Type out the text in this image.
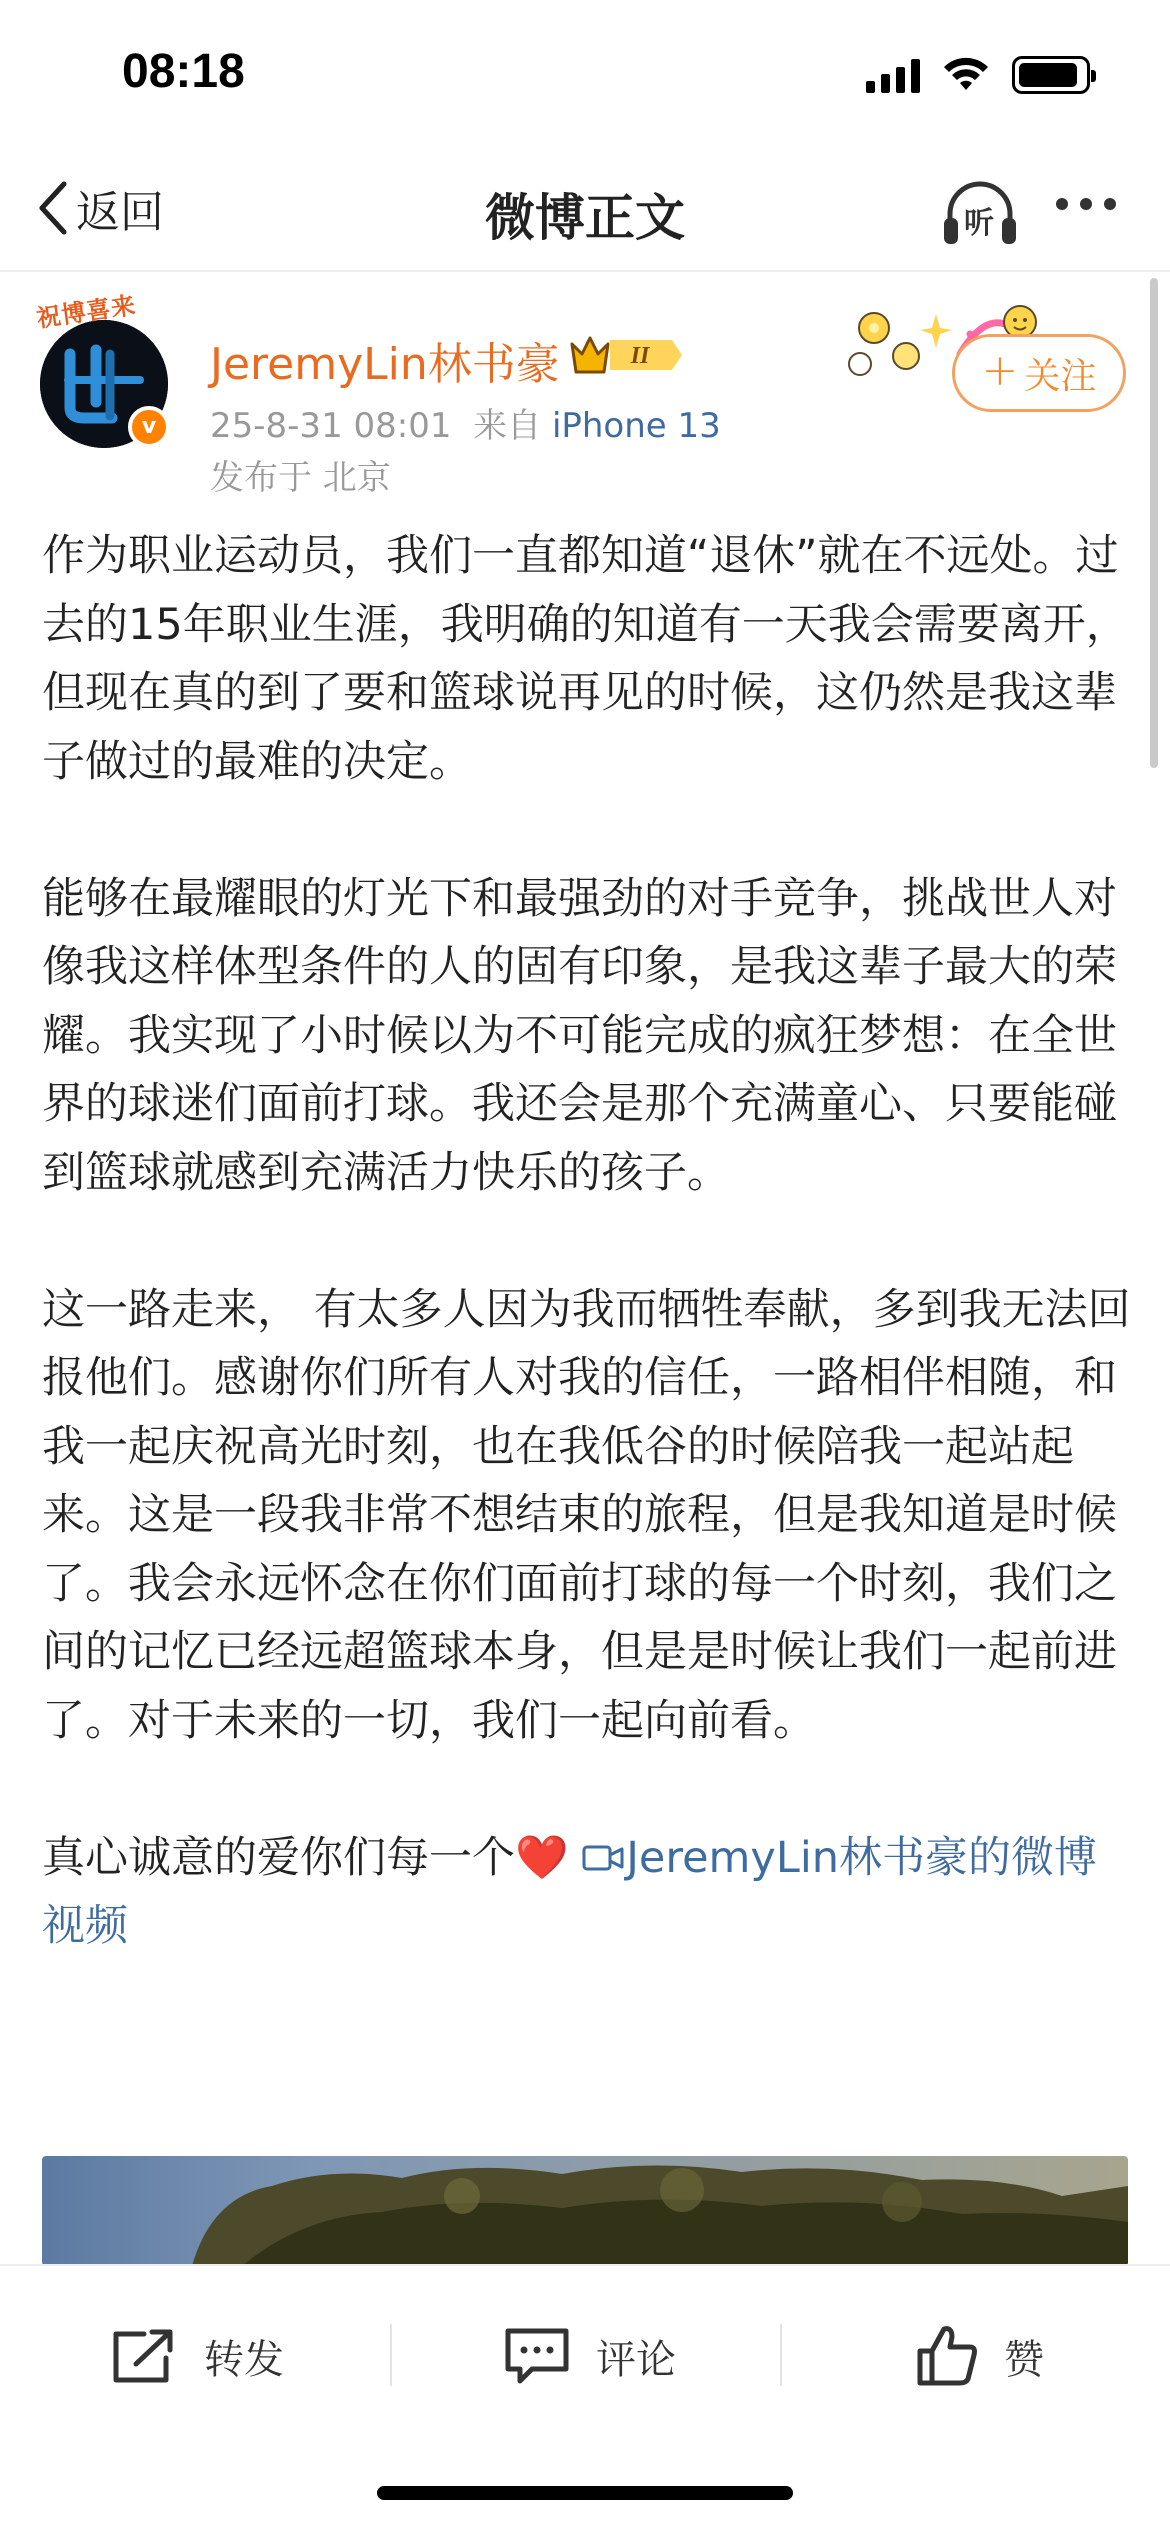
08:18
返回	微博正文	听
祝博喜来
v
JeremyLin林书豪	II
25-8-31 08:01 来自 iPhone 13
发布于 北京
+ 关注

作为职业运动员，我们一直都知道“退休”就在不远处。过去的15年职业生涯，我明确的知道有一天我会需要离开，但现在真的到了要和篮球说再见的时候，这仍然是我这辈子做过的最难的决定。

能够在最耀眼的灯光下和最强劲的对手竞争，挑战世人对像我这样体型条件的人的固有印象，是我这辈子最大的荣耀。我实现了小时候以为不可能完成的疯狂梦想：在全世界的球迷们面前打球。我还会是那个充满童心、只要能碰到篮球就感到充满活力快乐的孩子。

这一路走来， 有太多人因为我而牺牲奉献，多到我无法回报他们。感谢你们所有人对我的信任，一路相伴相随，和我一起庆祝高光时刻，也在我低谷的时候陪我一起站起来。这是一段我非常不想结束的旅程，但是我知道是时候了。我会永远怀念在你们面前打球的每一个时刻，我们之间的记忆已经远超篮球本身，但是是时候让我们一起前进了。对于未来的一切，我们一起向前看。

真心诚意的爱你们每一个❤️ JeremyLin林书豪的微博视频

转发	评论	赞
